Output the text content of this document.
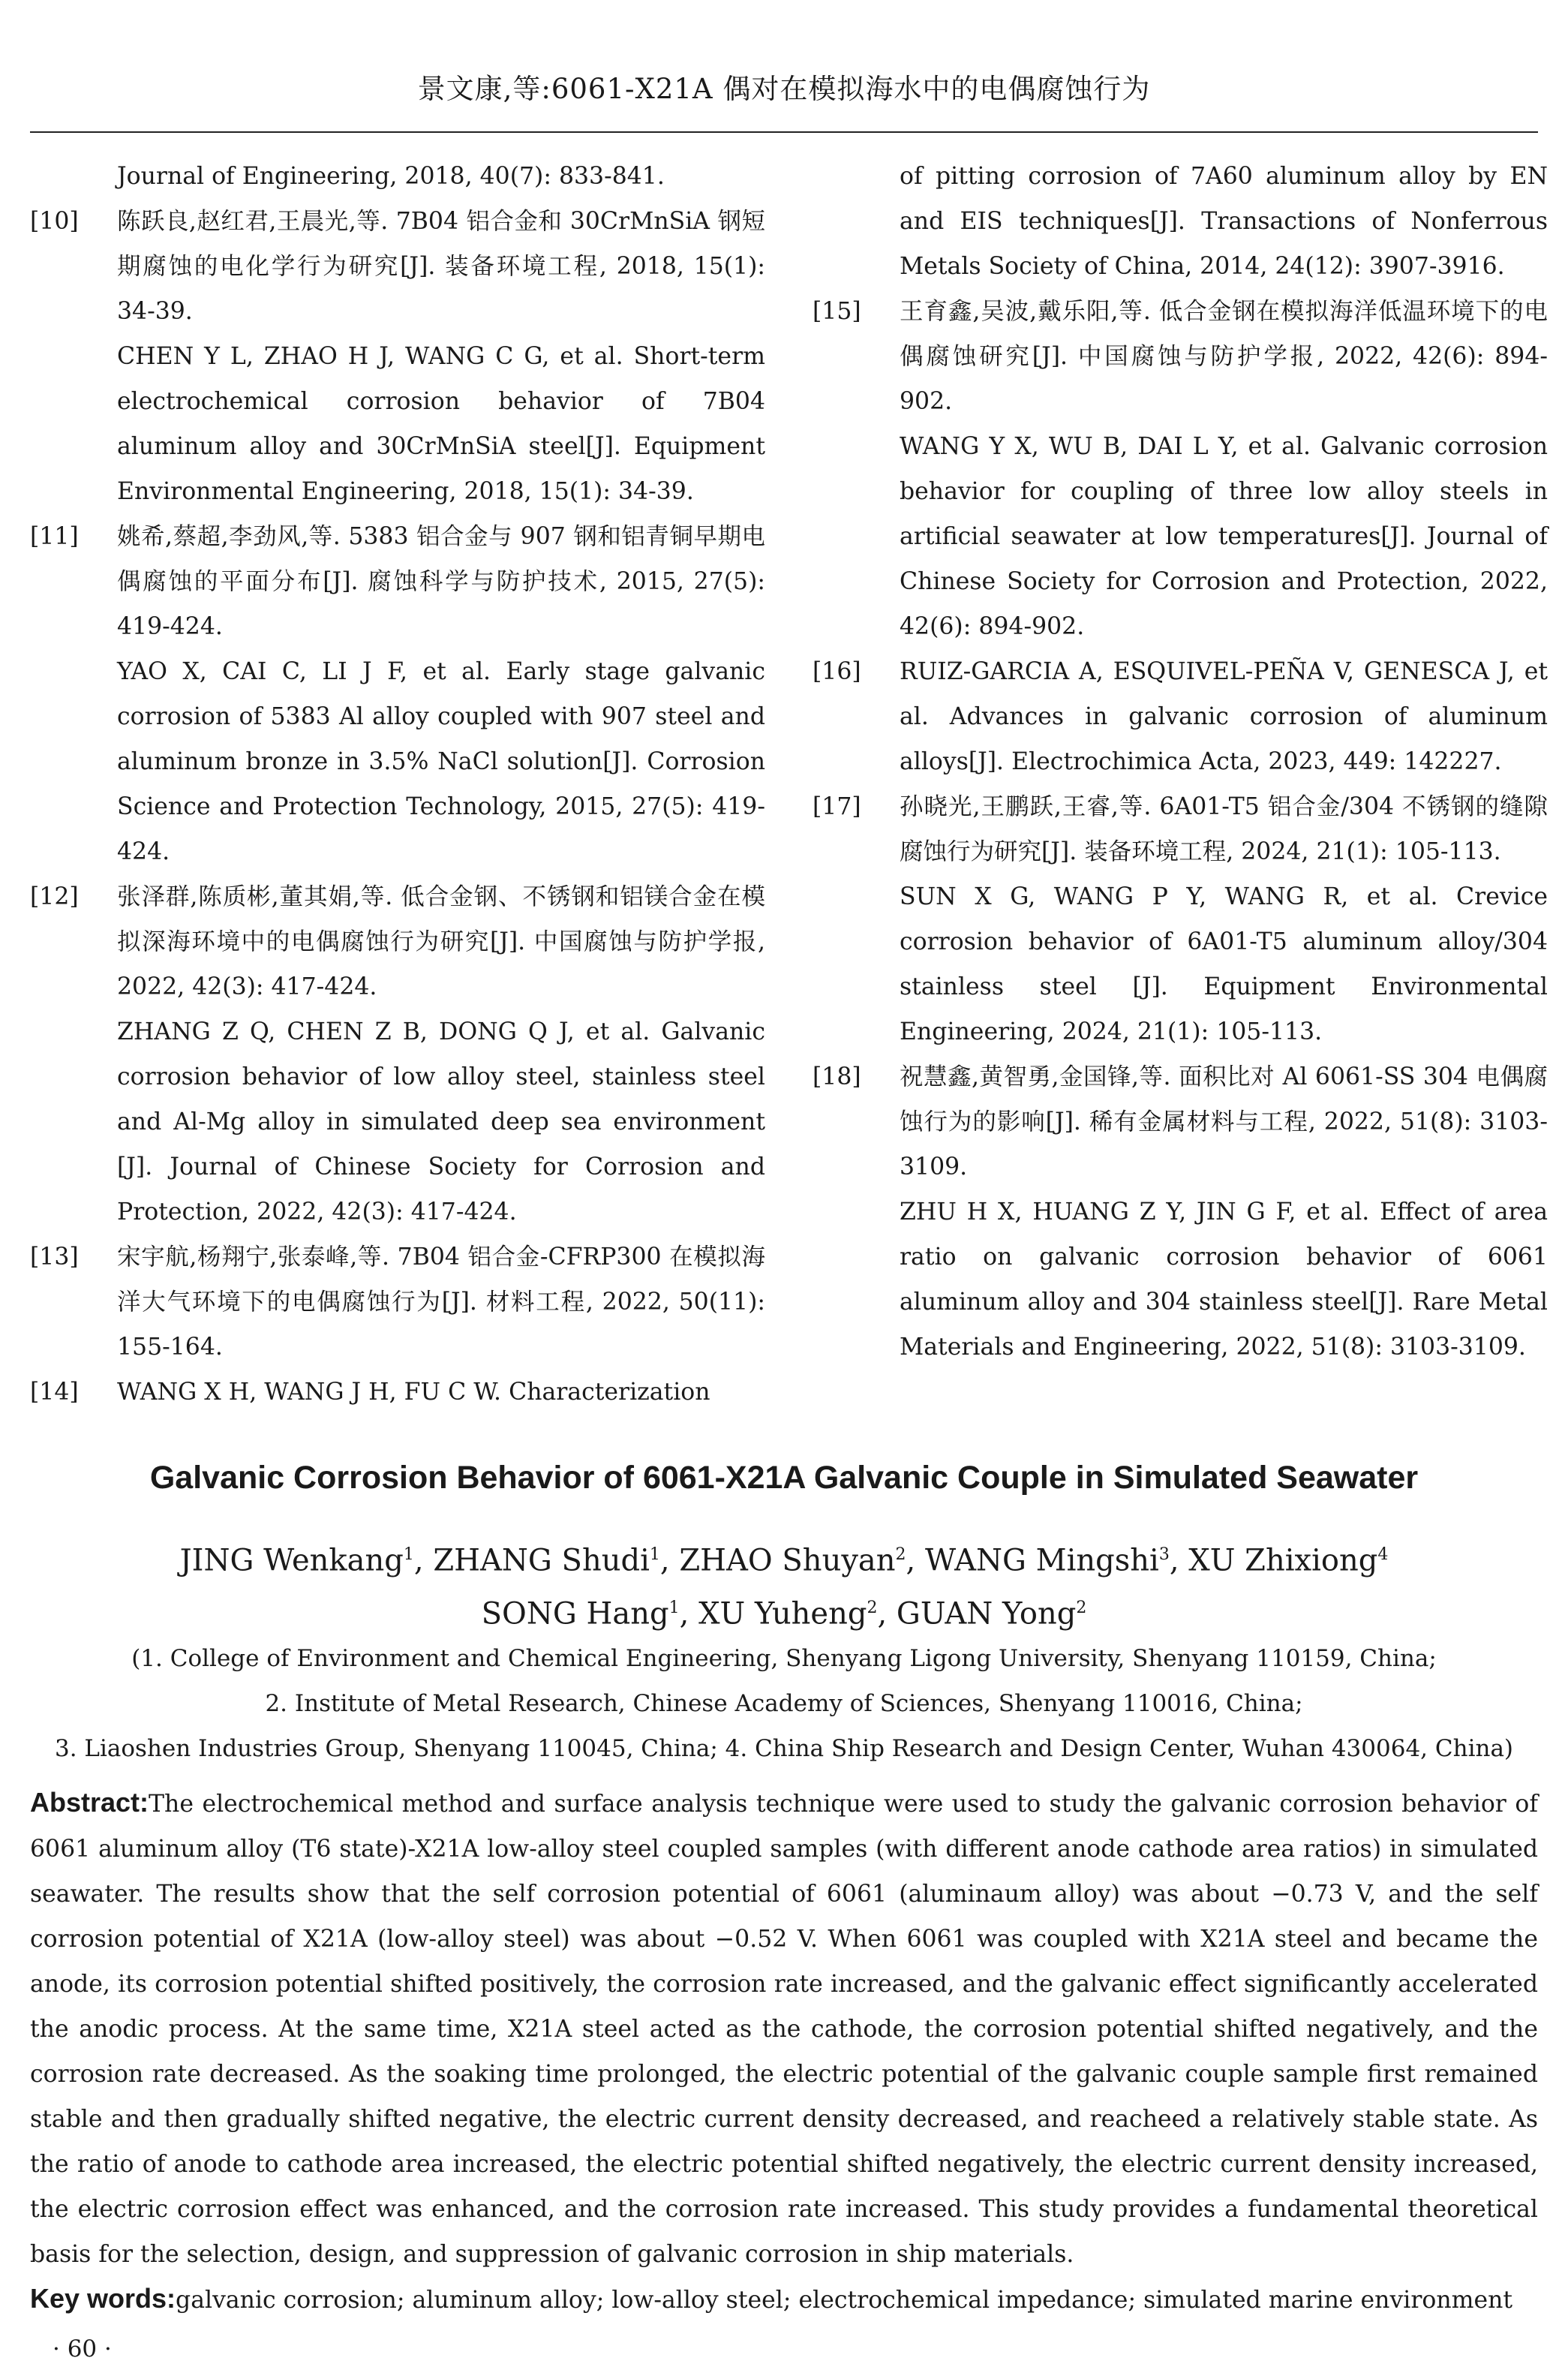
景文康,等:6061-X21A 偶对在模拟海水中的电偶腐蚀行为

Journal of Engineering, 2018, 40(7): 833-841.

[10] 陈跃良,赵红君,王晨光,等. 7B04 铝合金和 30CrMnSiA 钢短期腐蚀的电化学行为研究[J]. 装备环境工程, 2018, 15(1): 34-39.

CHEN Y L, ZHAO H J, WANG C G, et al. Short-term electrochemical corrosion behavior of 7B04 aluminum alloy and 30CrMnSiA steel[J]. Equipment Environmental Engineering, 2018, 15(1): 34-39.

[11] 姚希,蔡超,李劲风,等. 5383 铝合金与 907 钢和铝青铜早期电偶腐蚀的平面分布[J]. 腐蚀科学与防护技术, 2015, 27(5): 419-424.

YAO X, CAI C, LI J F, et al. Early stage galvanic corrosion of 5383 Al alloy coupled with 907 steel and aluminum bronze in 3.5% NaCl solution[J]. Corrosion Science and Protection Technology, 2015, 27(5): 419-424.

[12] 张泽群,陈质彬,董其娟,等. 低合金钢、不锈钢和铝镁合金在模拟深海环境中的电偶腐蚀行为研究[J]. 中国腐蚀与防护学报, 2022, 42(3): 417-424.

ZHANG Z Q, CHEN Z B, DONG Q J, et al. Galvanic corrosion behavior of low alloy steel, stainless steel and Al-Mg alloy in simulated deep sea environment [J]. Journal of Chinese Society for Corrosion and Protection, 2022, 42(3): 417-424.

[13] 宋宇航,杨翔宁,张泰峰,等. 7B04 铝合金-CFRP300 在模拟海洋大气环境下的电偶腐蚀行为[J]. 材料工程, 2022, 50(11): 155-164.

[14] WANG X H, WANG J H, FU C W. Characterization

of pitting corrosion of 7A60 aluminum alloy by EN and EIS techniques[J]. Transactions of Nonferrous Metals Society of China, 2014, 24(12): 3907-3916.

[15] 王育鑫,吴波,戴乐阳,等. 低合金钢在模拟海洋低温环境下的电偶腐蚀研究[J]. 中国腐蚀与防护学报, 2022, 42(6): 894-902.

WANG Y X, WU B, DAI L Y, et al. Galvanic corrosion behavior for coupling of three low alloy steels in artificial seawater at low temperatures[J]. Journal of Chinese Society for Corrosion and Protection, 2022, 42(6): 894-902.

[16] RUIZ-GARCIA A, ESQUIVEL-PEÑA V, GENESCA J, et al. Advances in galvanic corrosion of aluminum alloys[J]. Electrochimica Acta, 2023, 449: 142227.

[17] 孙晓光,王鹏跃,王睿,等. 6A01-T5 铝合金/304 不锈钢的缝隙腐蚀行为研究[J]. 装备环境工程, 2024, 21(1): 105-113.

SUN X G, WANG P Y, WANG R, et al. Crevice corrosion behavior of 6A01-T5 aluminum alloy/304 stainless steel [J]. Equipment Environmental Engineering, 2024, 21(1): 105-113.

[18] 祝慧鑫,黄智勇,金国锋,等. 面积比对 Al 6061-SS 304 电偶腐蚀行为的影响[J]. 稀有金属材料与工程, 2022, 51(8): 3103-3109.

ZHU H X, HUANG Z Y, JIN G F, et al. Effect of area ratio on galvanic corrosion behavior of 6061 aluminum alloy and 304 stainless steel[J]. Rare Metal Materials and Engineering, 2022, 51(8): 3103-3109.

Galvanic Corrosion Behavior of 6061-X21A Galvanic Couple in Simulated Seawater
JING Wenkang$^1$, ZHANG Shudi$^1$, ZHAO Shuyan$^2$, WANG Mingshi$^3$, XU Zhixiong$^4$
SONG Hang$^1$, XU Yuheng$^2$, GUAN Yong$^2$
(1. College of Environment and Chemical Engineering, Shenyang Ligong University, Shenyang 110159, China;
2. Institute of Metal Research, Chinese Academy of Sciences, Shenyang 110016, China;
3. Liaoshen Industries Group, Shenyang 110045, China; 4. China Ship Research and Design Center, Wuhan 430064, China)
Abstract:The electrochemical method and surface analysis technique were used to study the galvanic corrosion behavior of 6061 aluminum alloy (T6 state)-X21A low-alloy steel coupled samples (with different anode cathode area ratios) in simulated seawater. The results show that the self corrosion potential of 6061 (aluminaum alloy) was about −0.73 V, and the self corrosion potential of X21A (low-alloy steel) was about −0.52 V. When 6061 was coupled with X21A steel and became the anode, its corrosion potential shifted positively, the corrosion rate increased, and the galvanic effect significantly accelerated the anodic process. At the same time, X21A steel acted as the cathode, the corrosion potential shifted negatively, and the corrosion rate decreased. As the soaking time prolonged, the electric potential of the galvanic couple sample first remained stable and then gradually shifted negative, the electric current density decreased, and reacheed a relatively stable state. As the ratio of anode to cathode area increased, the electric potential shifted negatively, the electric current density increased, the electric corrosion effect was enhanced, and the corrosion rate increased. This study provides a fundamental theoretical basis for the selection, design, and suppression of galvanic corrosion in ship materials.
Key words:galvanic corrosion; aluminum alloy; low-alloy steel; electrochemical impedance; simulated marine environment
· 60 ·
